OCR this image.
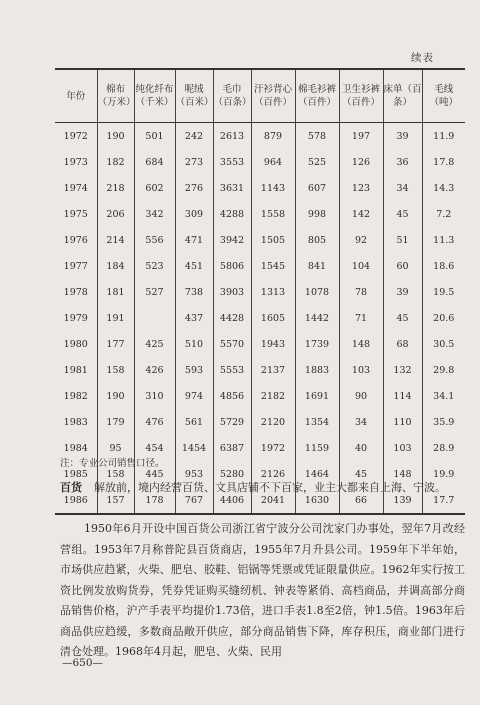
续表
年份	棉布（万米）	纯化纤布（千米）	呢绒（百米）	毛巾（百条）	汗衫背心（百件）	棉毛衫裤（百件）	卫生衫裤（百件）	床单（百条）	毛线（吨）
1972	190	501	242	2613	879	578	197	39	11.9
1973	182	684	273	3553	964	525	126	36	17.8
1974	218	602	276	3631	1143	607	123	34	14.3
1975	206	342	309	4288	1558	998	142	45	7.2
1976	214	556	471	3942	1505	805	92	51	11.3
1977	184	523	451	5806	1545	841	104	60	18.6
1978	181	527	738	3903	1313	1078	78	39	19.5
1979	191		437	4428	1605	1442	71	45	20.6
1980	177	425	510	5570	1943	1739	148	68	30.5
1981	158	426	593	5553	2137	1883	103	132	29.8
1982	190	310	974	4856	2182	1691	90	114	34.1
1983	179	476	561	5729	2120	1354	34	110	35.9
1984	95	454	1454	6387	1972	1159	40	103	28.9
1985	158	445	953	5280	2126	1464	45	148	19.9
1986	157	178	767	4406	2041	1630	66	139	17.7
注：专业公司销售口径。

百货 解放前，境内经营百货、文具店铺不下百家，业主大都来自上海、宁波。

1950年6月开设中国百货公司浙江省宁波分公司沈家门办事处，翌年7月改经营组。1953年7月称普陀县百货商店，1955年7月升县公司。1959年下半年始，市场供应趋紧，火柴、肥皂、胶鞋、铝锅等凭票或凭证限量供应。1962年实行按工资比例发放购货券，凭券凭证购买缝纫机、钟表等紧俏、高档商品，并调高部分商品销售价格，沪产手表平均提价1.73倍，进口手表1.8至2倍，钟1.5倍。1963年后商品供应趋缓，多数商品敞开供应，部分商品销售下降，库存积压，商业部门进行清仓处理。1968年4月起，肥皂、火柴、民用

—650—
